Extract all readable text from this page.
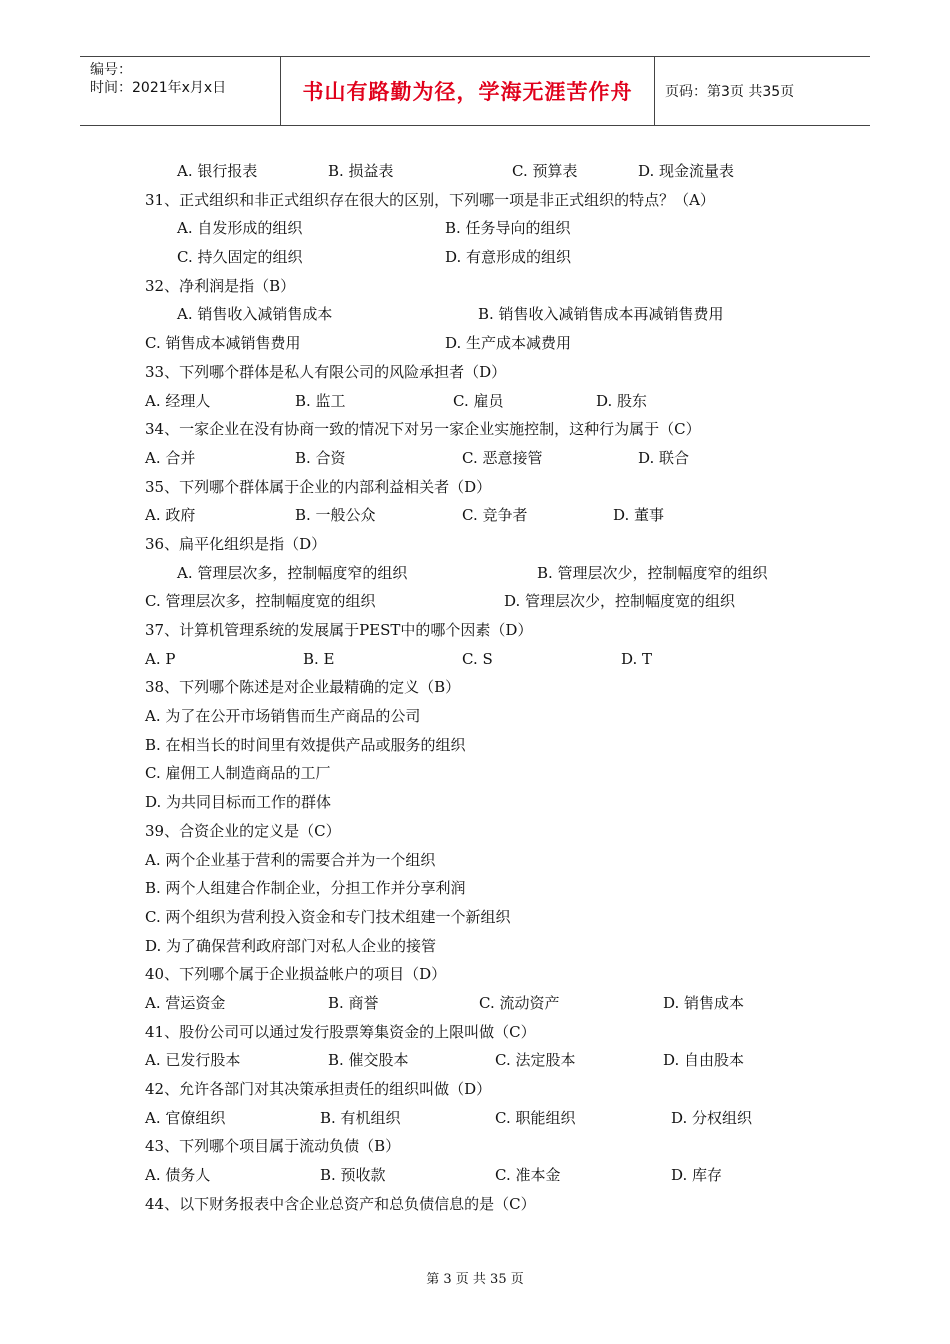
编号：
时间：2021年x月x日	书山有路勤为径，学海无涯苦作舟 页码：第3页 共35页
A. 银行报表	B. 损益表	C. 预算表	D. 现金流量表
31、正式组织和非正式组织存在很大的区别，下列哪一项是非正式组织的特点？（A）
A. 自发形成的组织	B. 任务导向的组织
C. 持久固定的组织	D. 有意形成的组织
32、净利润是指（B）
A. 销售收入减销售成本	B. 销售收入减销售成本再减销售费用
C. 销售成本减销售费用	D. 生产成本减费用
33、下列哪个群体是私人有限公司的风险承担者（D）
A. 经理人	B. 监工	C. 雇员	D. 股东
34、一家企业在没有协商一致的情况下对另一家企业实施控制，这种行为属于（C）
A. 合并	B. 合资	C. 恶意接管	D. 联合
35、下列哪个群体属于企业的内部利益相关者（D）
A. 政府	B. 一般公众	C. 竞争者	D. 董事
36、扁平化组织是指（D）
A. 管理层次多，控制幅度窄的组织	B. 管理层次少，控制幅度窄的组织
C. 管理层次多，控制幅度宽的组织	D. 管理层次少，控制幅度宽的组织
37、计算机管理系统的发展属于PEST中的哪个因素（D）
A. P	B. E	C. S	D. T
38、下列哪个陈述是对企业最精确的定义（B）
A. 为了在公开市场销售而生产商品的公司
B. 在相当长的时间里有效提供产品或服务的组织
C. 雇佣工人制造商品的工厂
D. 为共同目标而工作的群体
39、合资企业的定义是（C）
A. 两个企业基于营利的需要合并为一个组织
B. 两个人组建合作制企业，分担工作并分享利润
C. 两个组织为营利投入资金和专门技术组建一个新组织
D. 为了确保营利政府部门对私人企业的接管
40、下列哪个属于企业损益帐户的项目（D）
A. 营运资金	B. 商誉	C. 流动资产	D. 销售成本
41、股份公司可以通过发行股票筹集资金的上限叫做（C）
A. 已发行股本	B. 催交股本	C. 法定股本	D. 自由股本
42、允许各部门对其决策承担责任的组织叫做（D）
A. 官僚组织	B. 有机组织	C. 职能组织	D. 分权组织
43、下列哪个项目属于流动负债（B）
A. 债务人	B. 预收款	C. 准本金	D. 库存
44、以下财务报表中含企业总资产和总负债信息的是（C）
第 3 页 共 35 页
